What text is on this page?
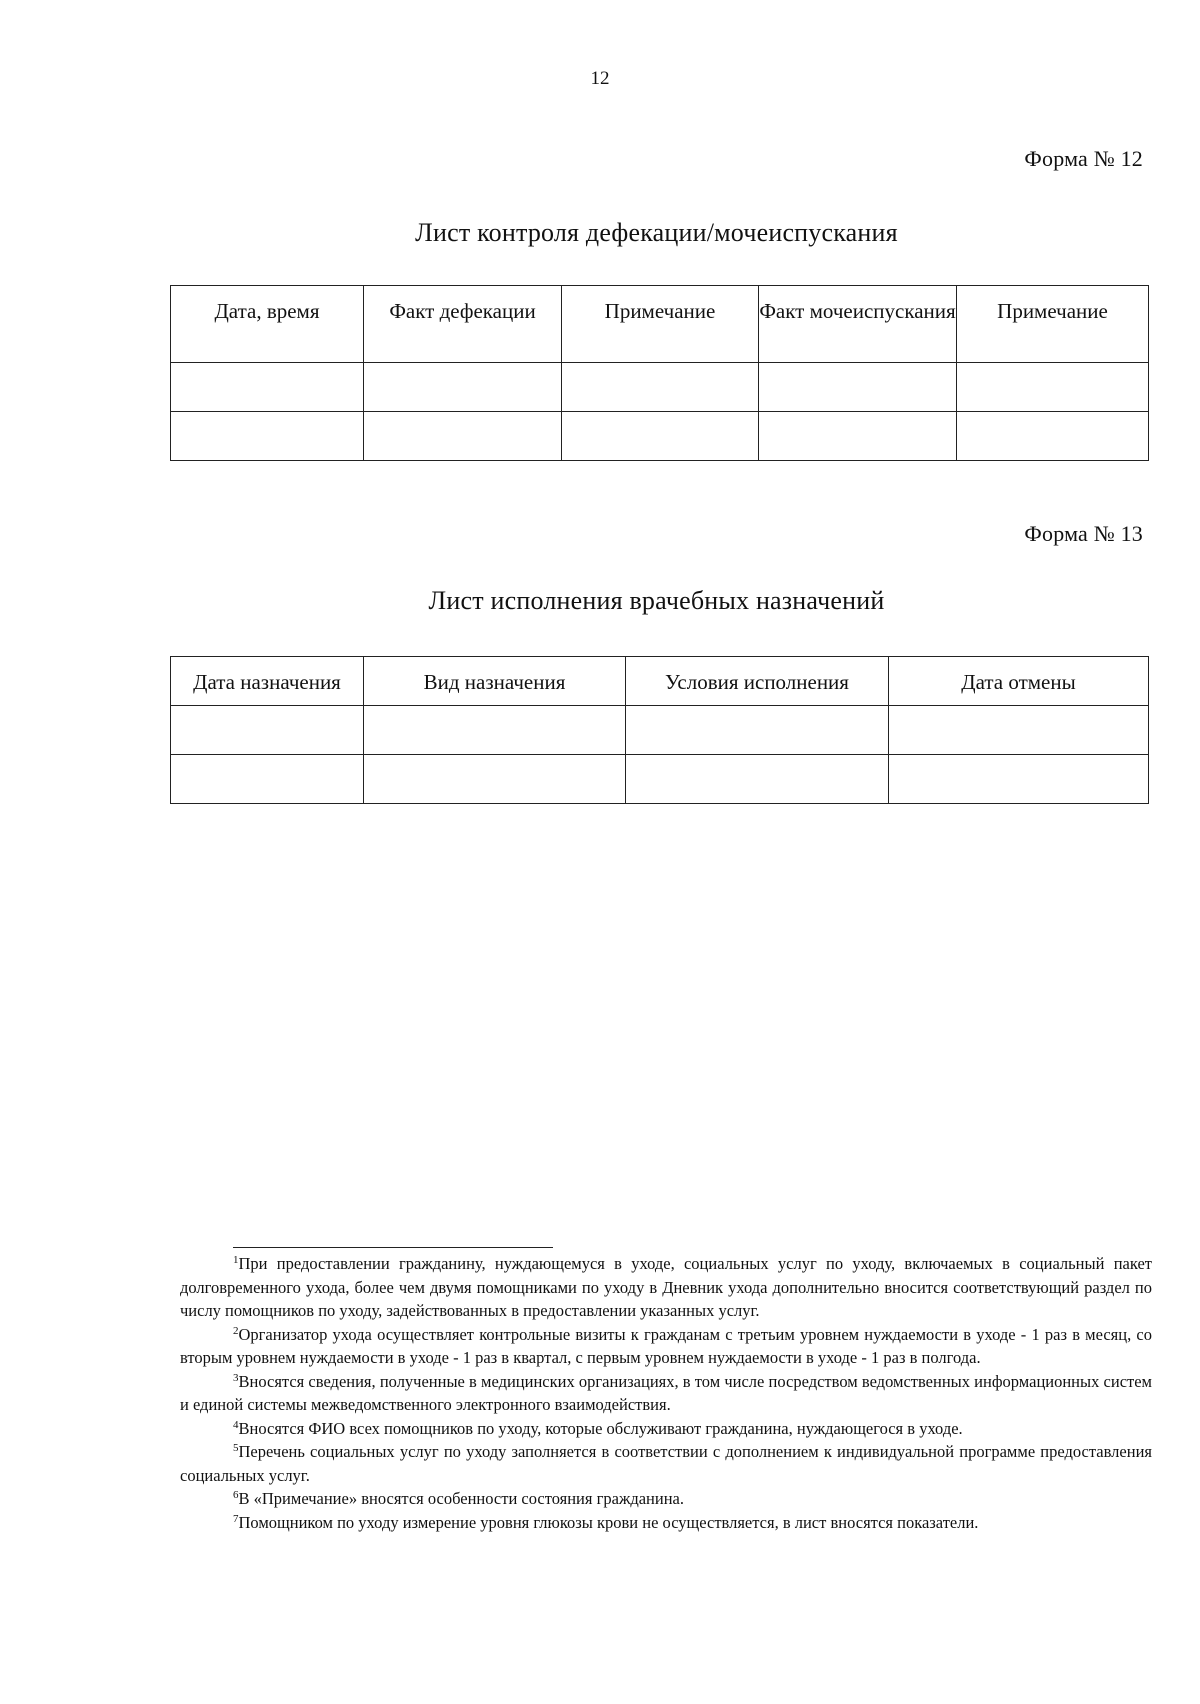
12
Форма № 12
Лист контроля дефекации/мочеиспускания
Дата, время	Факт дефекации	Примечание	Факт мочеиспускания	Примечание

Форма № 13
Лист исполнения врачебных назначений
Дата назначения	Вид назначения	Условия исполнения	Дата отмены

$^1$При предоставлении гражданину, нуждающемуся в уходе, социальных услуг по уходу, включаемых в социальный пакет долговременного ухода, более чем двумя помощниками по уходу в Дневник ухода дополнительно вносится соответствующий раздел по числу помощников по уходу, задействованных в предоставлении указанных услуг.

$^2$Организатор ухода осуществляет контрольные визиты к гражданам с третьим уровнем нуждаемости в уходе - 1 раз в месяц, со вторым уровнем нуждаемости в уходе - 1 раз в квартал, с первым уровнем нуждаемости в уходе - 1 раз в полгода.

$^3$Вносятся сведения, полученные в медицинских организациях, в том числе посредством ведомственных информационных систем и единой системы межведомственного электронного взаимодействия.

$^4$Вносятся ФИО всех помощников по уходу, которые обслуживают гражданина, нуждающегося в уходе.

$^5$Перечень социальных услуг по уходу заполняется в соответствии с дополнением к индивидуальной программе предоставления социальных услуг.

$^6$В «Примечание» вносятся особенности состояния гражданина.

$^7$Помощником по уходу измерение уровня глюкозы крови не осуществляется, в лист вносятся показатели.
